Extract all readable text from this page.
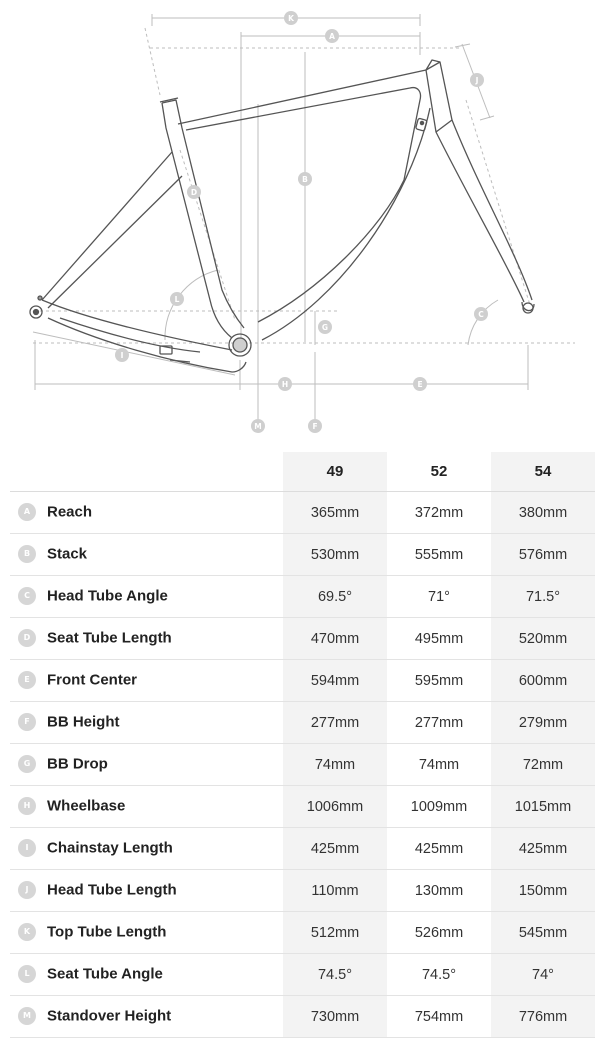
K
A
J
B
D
L
G
C
I
H	E
M	F
	49	52	54
A Reach	365mm	372mm	380mm
B Stack	530mm	555mm	576mm
C Head Tube Angle	69.5°	71°	71.5°
D Seat Tube Length	470mm	495mm	520mm
E Front Center	594mm	595mm	600mm
F BB Height	277mm	277mm	279mm
G BB Drop	74mm	74mm	72mm
H Wheelbase	1006mm	1009mm	1015mm
I Chainstay Length	425mm	425mm	425mm
J Head Tube Length	110mm	130mm	150mm
K Top Tube Length	512mm	526mm	545mm
L Seat Tube Angle	74.5°	74.5°	74°
M Standover Height	730mm	754mm	776mm
